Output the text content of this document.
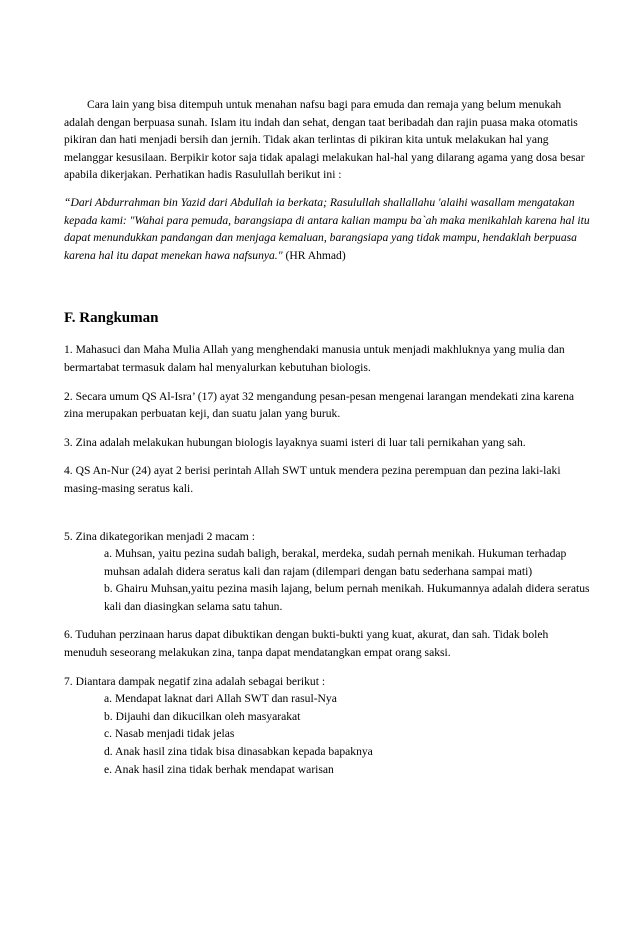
Cara lain yang bisa ditempuh untuk menahan nafsu bagi para emuda dan remaja yang belum menukah adalah dengan berpuasa sunah. Islam itu indah dan sehat, dengan taat beribadah dan rajin puasa maka otomatis pikiran dan hati menjadi bersih dan jernih. Tidak akan terlintas di pikiran kita untuk melakukan hal yang melanggar kesusilaan. Berpikir kotor saja tidak apalagi melakukan hal-hal yang dilarang agama yang dosa besar apabila dikerjakan. Perhatikan hadis Rasulullah berikut ini :

“Dari Abdurrahman bin Yazid dari Abdullah ia berkata; Rasulullah shallallahu 'alaihi wasallam mengatakan kepada kami: "Wahai para pemuda, barangsiapa di antara kalian mampu ba`ah maka menikahlah karena hal itu dapat menundukkan pandangan dan menjaga kemaluan, barangsiapa yang tidak mampu, hendaklah berpuasa karena hal itu dapat menekan hawa nafsunya." (HR Ahmad)

F. Rangkuman

1. Mahasuci dan Maha Mulia Allah yang menghendaki manusia untuk menjadi makhluknya yang mulia dan bermartabat termasuk dalam hal menyalurkan kebutuhan biologis.

2. Secara umum QS Al-Isra’ (17) ayat 32 mengandung pesan-pesan mengenai larangan mendekati zina karena zina merupakan perbuatan keji, dan suatu jalan yang buruk.

3. Zina adalah melakukan hubungan biologis layaknya suami isteri di luar tali pernikahan yang sah.

4. QS An-Nur (24) ayat 2 berisi perintah Allah SWT untuk mendera pezina perempuan dan pezina laki-laki masing-masing seratus kali.

5. Zina dikategorikan menjadi 2 macam :

a. Muhsan, yaitu pezina sudah baligh, berakal, merdeka, sudah pernah menikah. Hukuman terhadap muhsan adalah didera seratus kali dan rajam (dilempari dengan batu sederhana sampai mati)
b. Ghairu Muhsan,yaitu pezina masih lajang, belum pernah menikah. Hukumannya adalah didera seratus kali dan diasingkan selama satu tahun.

6. Tuduhan perzinaan harus dapat dibuktikan dengan bukti-bukti yang kuat, akurat, dan sah. Tidak boleh menuduh seseorang melakukan zina, tanpa dapat mendatangkan empat orang saksi.

7. Diantara dampak negatif zina adalah sebagai berikut :

a. Mendapat laknat dari Allah SWT dan rasul-Nya
b. Dijauhi dan dikucilkan oleh masyarakat
c. Nasab menjadi tidak jelas
d. Anak hasil zina tidak bisa dinasabkan kepada bapaknya
e. Anak hasil zina tidak berhak mendapat warisan
